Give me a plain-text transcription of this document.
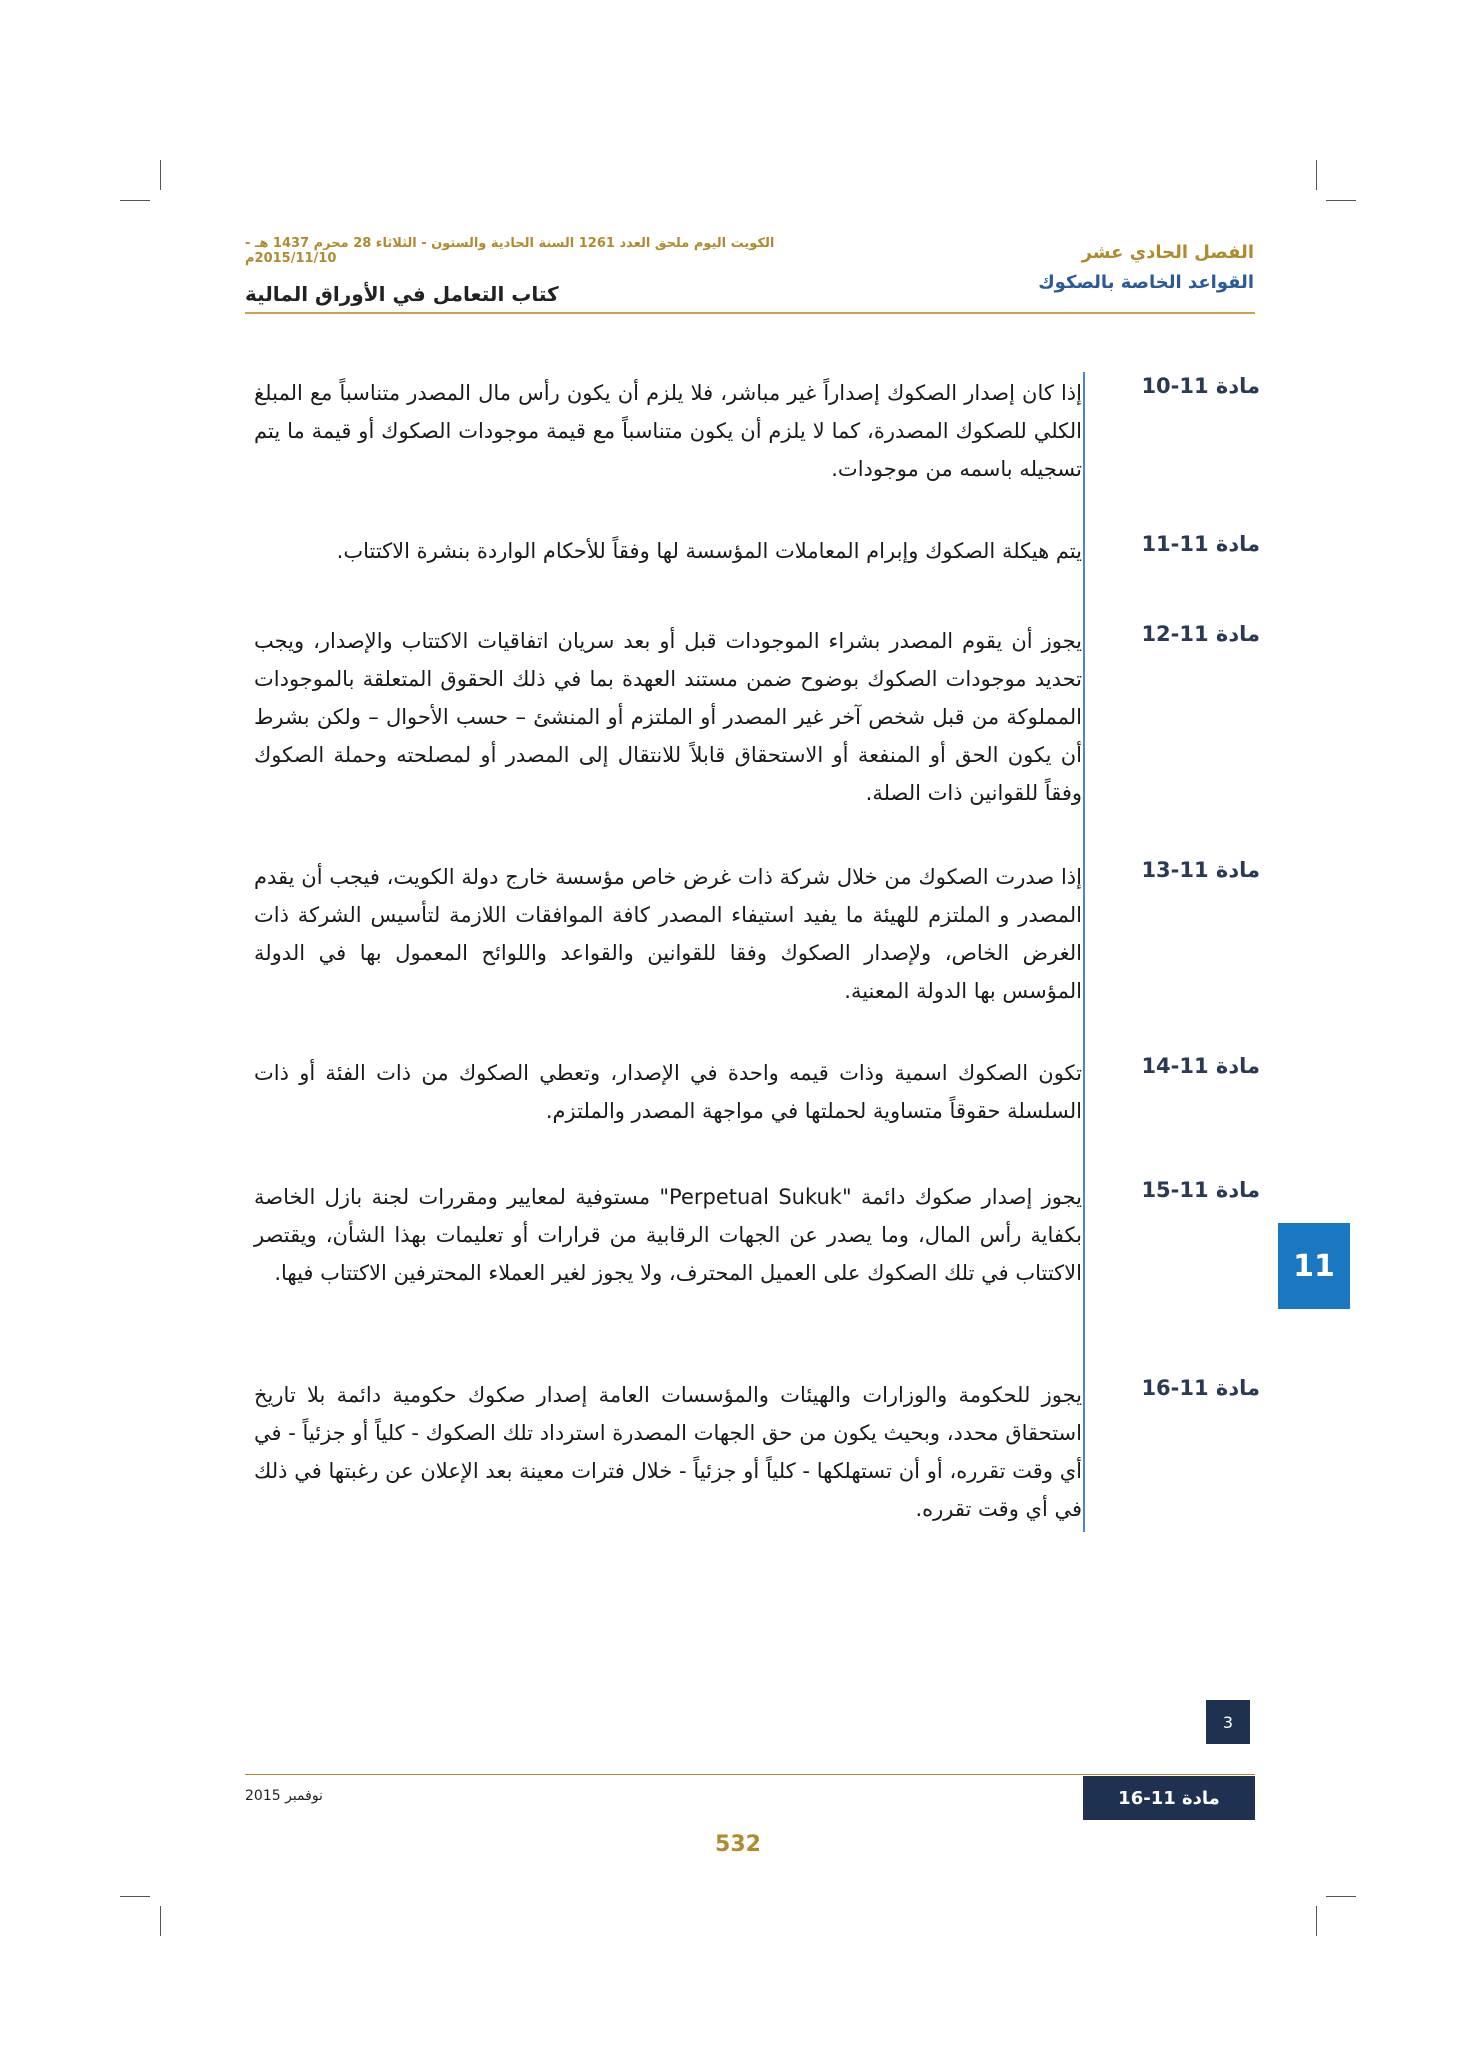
الفصل الحادي عشر
القواعد الخاصة بالصكوك
الكويت اليوم ملحق العدد 1261 السنة الحادية والستون - الثلاثاء 28 محرم 1437 هـ - 2015/11/10م
كتاب التعامل في الأوراق المالية
مادة 11-10
إذا كان إصدار الصكوك إصداراً غير مباشر، فلا يلزم أن يكون رأس مال المصدر متناسباً مع المبلغ الكلي للصكوك المصدرة، كما لا يلزم أن يكون متناسباً مع قيمة موجودات الصكوك أو قيمة ما يتم تسجيله باسمه من موجودات.
مادة 11-11
يتم هيكلة الصكوك وإبرام المعاملات المؤسسة لها وفقاً للأحكام الواردة بنشرة الاكتتاب.
مادة 11-12
يجوز أن يقوم المصدر بشراء الموجودات قبل أو بعد سريان اتفاقيات الاكتتاب والإصدار، ويجب تحديد موجودات الصكوك بوضوح ضمن مستند العهدة بما في ذلك الحقوق المتعلقة بالموجودات المملوكة من قبل شخص آخر غير المصدر أو الملتزم أو المنشئ – حسب الأحوال – ولكن بشرط أن يكون الحق أو المنفعة أو الاستحقاق قابلاً للانتقال إلى المصدر أو لمصلحته وحملة الصكوك وفقاً للقوانين ذات الصلة.
مادة 11-13
إذا صدرت الصكوك من خلال شركة ذات غرض خاص مؤسسة خارج دولة الكويت، فيجب أن يقدم المصدر و الملتزم للهيئة ما يفيد استيفاء المصدر كافة الموافقات اللازمة لتأسيس الشركة ذات الغرض الخاص، ولإصدار الصكوك وفقا للقوانين والقواعد واللوائح المعمول بها في الدولة المؤسس بها الدولة المعنية.
مادة 11-14
تكون الصكوك اسمية وذات قيمه واحدة في الإصدار، وتعطي الصكوك من ذات الفئة أو ذات السلسلة حقوقاً متساوية لحملتها في مواجهة المصدر والملتزم.
مادة 11-15
يجوز إصدار صكوك دائمة "Perpetual Sukuk" مستوفية لمعايير ومقررات لجنة بازل الخاصة بكفاية رأس المال، وما يصدر عن الجهات الرقابية من قرارات أو تعليمات بهذا الشأن، ويقتصر الاكتتاب في تلك الصكوك على العميل المحترف، ولا يجوز لغير العملاء المحترفين الاكتتاب فيها.
مادة 11-16
يجوز للحكومة والوزارات والهيئات والمؤسسات العامة إصدار صكوك حكومية دائمة بلا تاريخ استحقاق محدد، وبحيث يكون من حق الجهات المصدرة استرداد تلك الصكوك - كلياً أو جزئياً - في أي وقت تقرره، أو أن تستهلكها - كلياً أو جزئياً - خلال فترات معينة بعد الإعلان عن رغبتها في ذلك في أي وقت تقرره.
11
3
مادة 11-16
نوفمبر 2015
532
